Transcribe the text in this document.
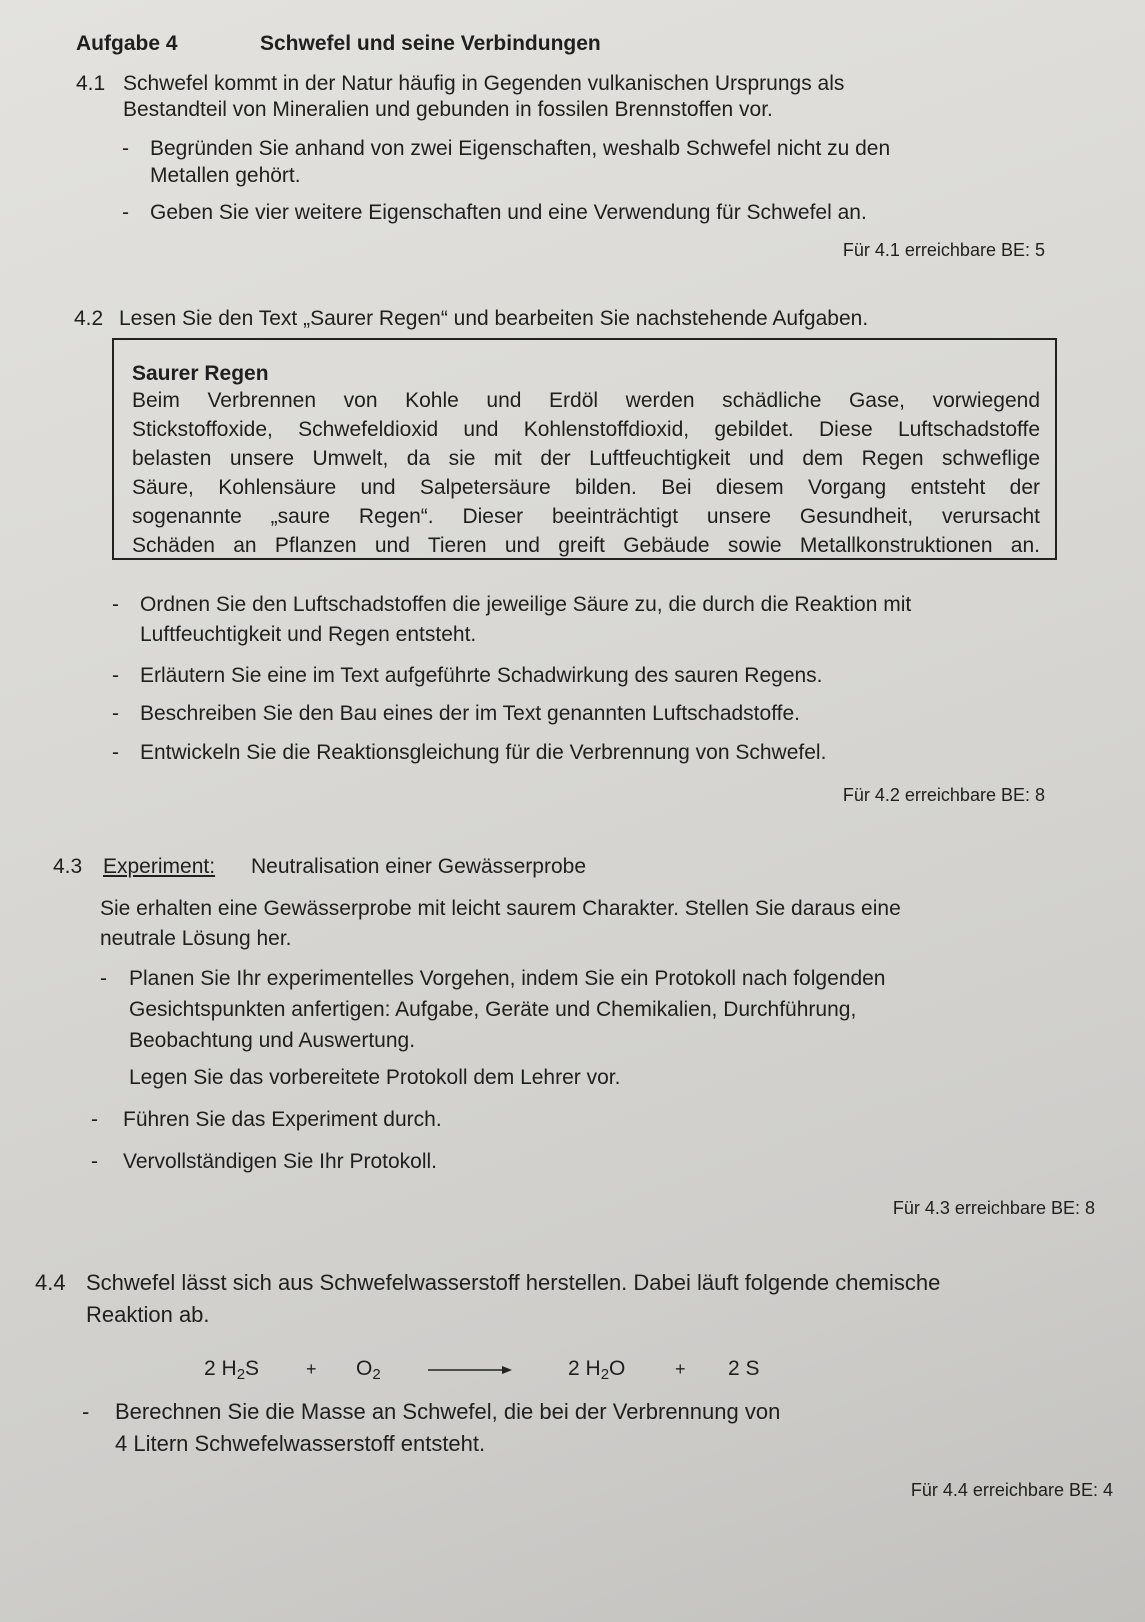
Aufgabe 4	Schwefel und seine Verbindungen
4.1 Schwefel kommt in der Natur häufig in Gegenden vulkanischen Ursprungs als
Bestandteil von Mineralien und gebunden in fossilen Brennstoffen vor.
- Begründen Sie anhand von zwei Eigenschaften, weshalb Schwefel nicht zu den
Metallen gehört.
- Geben Sie vier weitere Eigenschaften und eine Verwendung für Schwefel an.
Für 4.1 erreichbare BE: 5
4.2 Lesen Sie den Text „Saurer Regen“ und bearbeiten Sie nachstehende Aufgaben.
Saurer Regen
Beim Verbrennen von Kohle und Erdöl werden schädliche Gase, vorwiegend
Stickstoffoxide, Schwefeldioxid und Kohlenstoffdioxid, gebildet. Diese Luftschadstoffe
belasten unsere Umwelt, da sie mit der Luftfeuchtigkeit und dem Regen schweflige
Säure, Kohlensäure und Salpetersäure bilden. Bei diesem Vorgang entsteht der
sogenannte „saure Regen“. Dieser beeinträchtigt unsere Gesundheit, verursacht
Schäden an Pflanzen und Tieren und greift Gebäude sowie Metallkonstruktionen an.
- Ordnen Sie den Luftschadstoffen die jeweilige Säure zu, die durch die Reaktion mit
Luftfeuchtigkeit und Regen entsteht.
- Erläutern Sie eine im Text aufgeführte Schadwirkung des sauren Regens.
- Beschreiben Sie den Bau eines der im Text genannten Luftschadstoffe.
- Entwickeln Sie die Reaktionsgleichung für die Verbrennung von Schwefel.
Für 4.2 erreichbare BE: 8
4.3 Experiment: Neutralisation einer Gewässerprobe
Sie erhalten eine Gewässerprobe mit leicht saurem Charakter. Stellen Sie daraus eine
neutrale Lösung her.
- Planen Sie Ihr experimentelles Vorgehen, indem Sie ein Protokoll nach folgenden
Gesichtspunkten anfertigen: Aufgabe, Geräte und Chemikalien, Durchführung,
Beobachtung und Auswertung.
Legen Sie das vorbereitete Protokoll dem Lehrer vor.
- Führen Sie das Experiment durch.
- Vervollständigen Sie Ihr Protokoll.
Für 4.3 erreichbare BE: 8
4.4 Schwefel lässt sich aus Schwefelwasserstoff herstellen. Dabei läuft folgende chemische
Reaktion ab.
2 $H_2S$	+ $O_2$	2 $H_2O$	+ 2 S
- Berechnen Sie die Masse an Schwefel, die bei der Verbrennung von
4 Litern Schwefelwasserstoff entsteht.
Für 4.4 erreichbare BE: 4
